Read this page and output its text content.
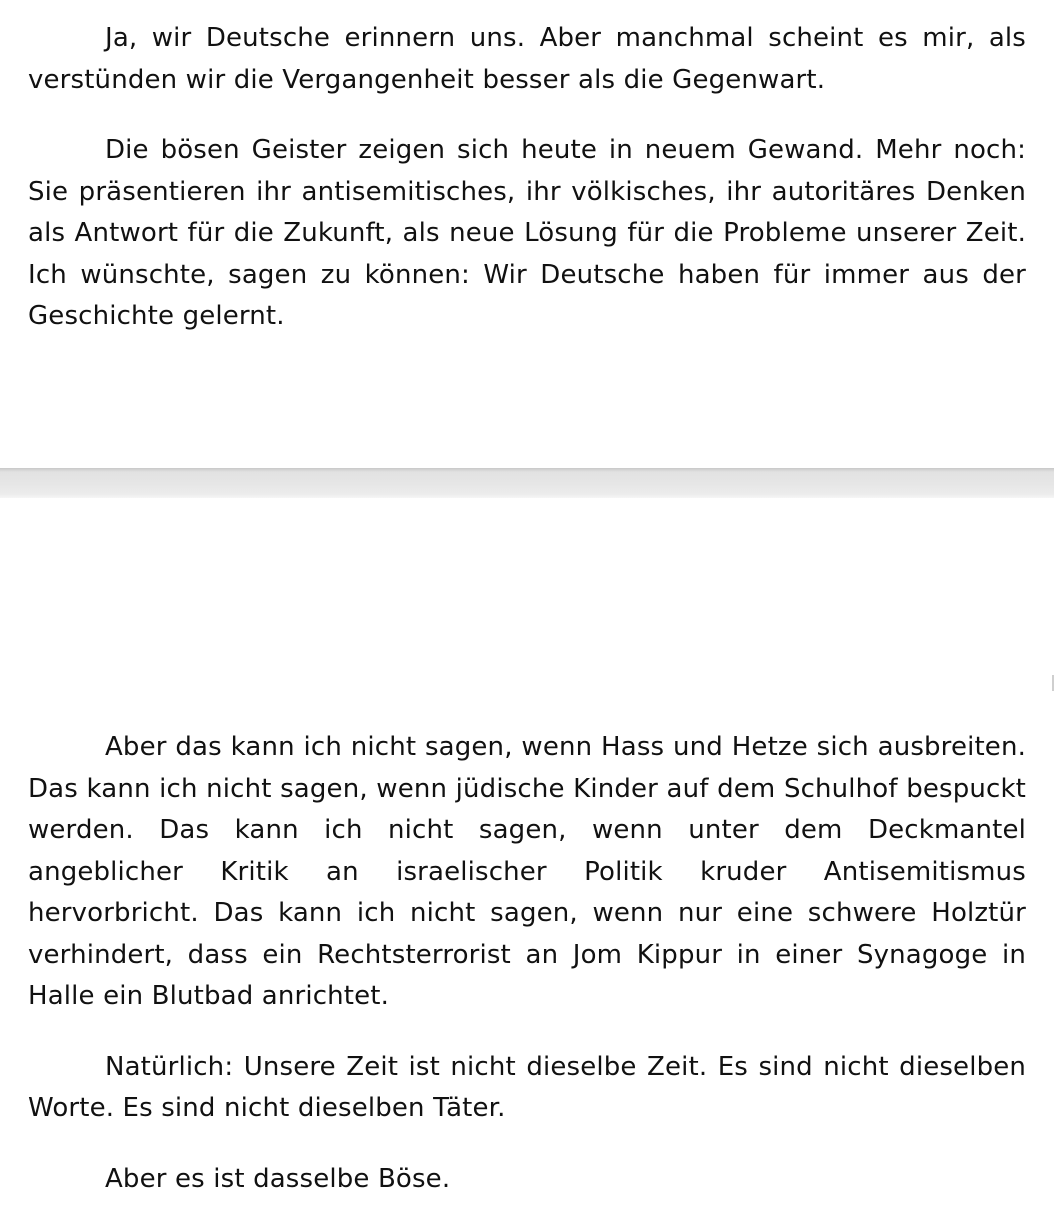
Ja, wir Deutsche erinnern uns. Aber manchmal scheint es mir, als verstünden wir die Vergangenheit besser als die Gegenwart.

Die bösen Geister zeigen sich heute in neuem Gewand. Mehr noch: Sie präsentieren ihr antisemitisches, ihr völkisches, ihr autoritäres Denken als Antwort für die Zukunft, als neue Lösung für die Probleme unserer Zeit. Ich wünschte, sagen zu können: Wir Deutsche haben für immer aus der Geschichte gelernt.

Aber das kann ich nicht sagen, wenn Hass und Hetze sich ausbreiten. Das kann ich nicht sagen, wenn jüdische Kinder auf dem Schulhof bespuckt werden. Das kann ich nicht sagen, wenn unter dem Deckmantel angeblicher Kritik an israelischer Politik kruder Antisemitismus hervorbricht. Das kann ich nicht sagen, wenn nur eine schwere Holztür verhindert, dass ein Rechtsterrorist an Jom Kippur in einer Synagoge in Halle ein Blutbad anrichtet.

Natürlich: Unsere Zeit ist nicht dieselbe Zeit. Es sind nicht dieselben Worte. Es sind nicht dieselben Täter.

Aber es ist dasselbe Böse.
